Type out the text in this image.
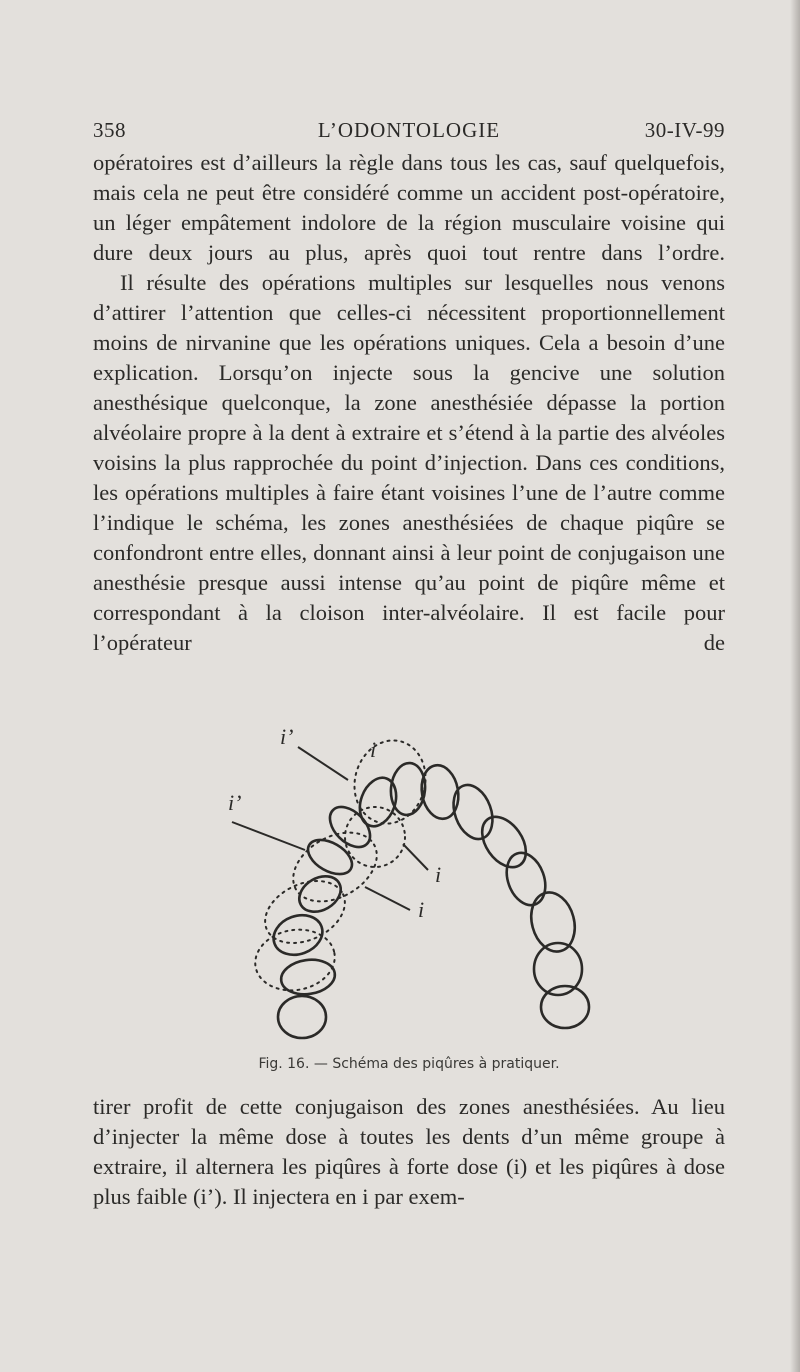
358	L’ODONTOLOGIE	30-IV-99

opératoires est d’ailleurs la règle dans tous les cas, sauf quelquefois, mais cela ne peut être considéré comme un accident post-opératoire, un léger empâtement indolore de la région musculaire voisine qui dure deux jours au plus, après quoi tout rentre dans l’ordre.

Il résulte des opérations multiples sur lesquelles nous venons d’attirer l’attention que celles-ci nécessitent proportionnellement moins de nirvanine que les opérations uniques. Cela a besoin d’une explication. Lorsqu’on injecte sous la gencive une solution anesthésique quelconque, la zone anesthésiée dépasse la portion alvéolaire propre à la dent à extraire et s’étend à la partie des alvéoles voisins la plus rapprochée du point d’injection. Dans ces conditions, les opérations multiples à faire étant voisines l’une de l’autre comme l’indique le schéma, les zones anesthésiées de chaque piqûre se confondront entre elles, donnant ainsi à leur point de conjugaison une anesthésie presque aussi intense qu’au point de piqûre même et correspondant à la cloison inter-alvéolaire. Il est facile pour l’opérateur de

i’
i’
i
i
i
Fig. 16. — Schéma des piqûres à pratiquer.

tirer profit de cette conjugaison des zones anesthésiées. Au lieu d’injecter la même dose à toutes les dents d’un même groupe à extraire, il alternera les piqûres à forte dose (i) et les piqûres à dose plus faible (i’). Il injectera en i par exem-
